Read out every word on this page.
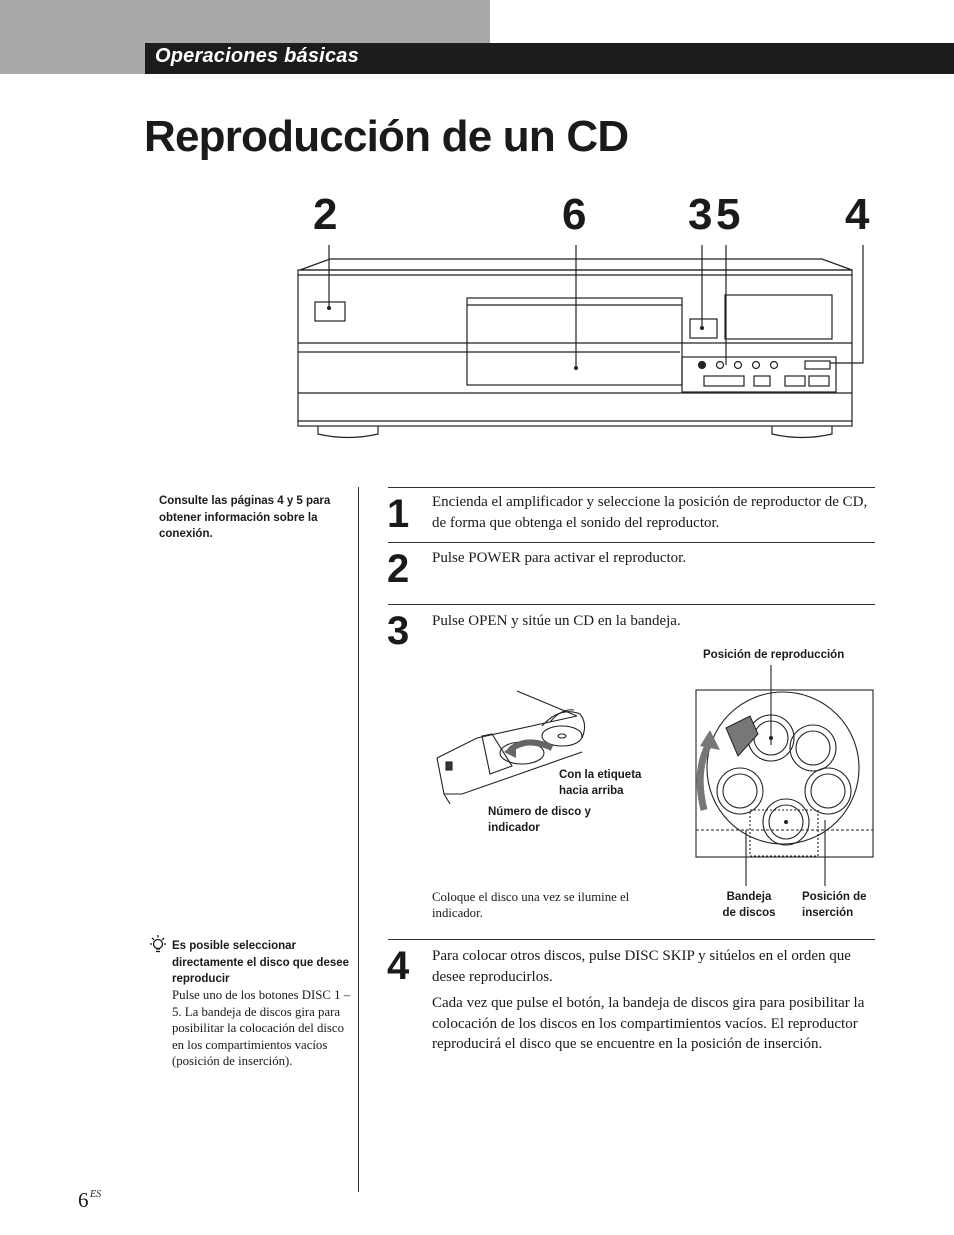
Operaciones básicas
Reproducción de un CD
2	6 3 5 4
Consulte las páginas 4 y 5 para obtener información sobre la conexión.
Es posible seleccionar directamente el disco que desee reproducir
Pulse uno de los botones DISC 1 – 5. La bandeja de discos gira para posibilitar la colocación del disco en los compartimientos vacíos (posición de inserción).
1 Encienda el amplificador y seleccione la posición de reproductor de CD, de forma que obtenga el sonido del reproductor.
2 Pulse POWER para activar el reproductor.
3 Pulse OPEN y sitúe un CD en la bandeja.
Con la etiqueta hacia arriba
Número de disco y indicador
Coloque el disco una vez se ilumine el indicador.
Posición de reproducción
Bandeja de discos
Posición de inserción
4 Para colocar otros discos, pulse DISC SKIP y sitúelos en el orden que desee reproducirlos.
Cada vez que pulse el botón, la bandeja de discos gira para posibilitar la colocación de los discos en los compartimientos vacíos. El reproductor reproducirá el disco que se encuentre en la posición de inserción.
6 ES
